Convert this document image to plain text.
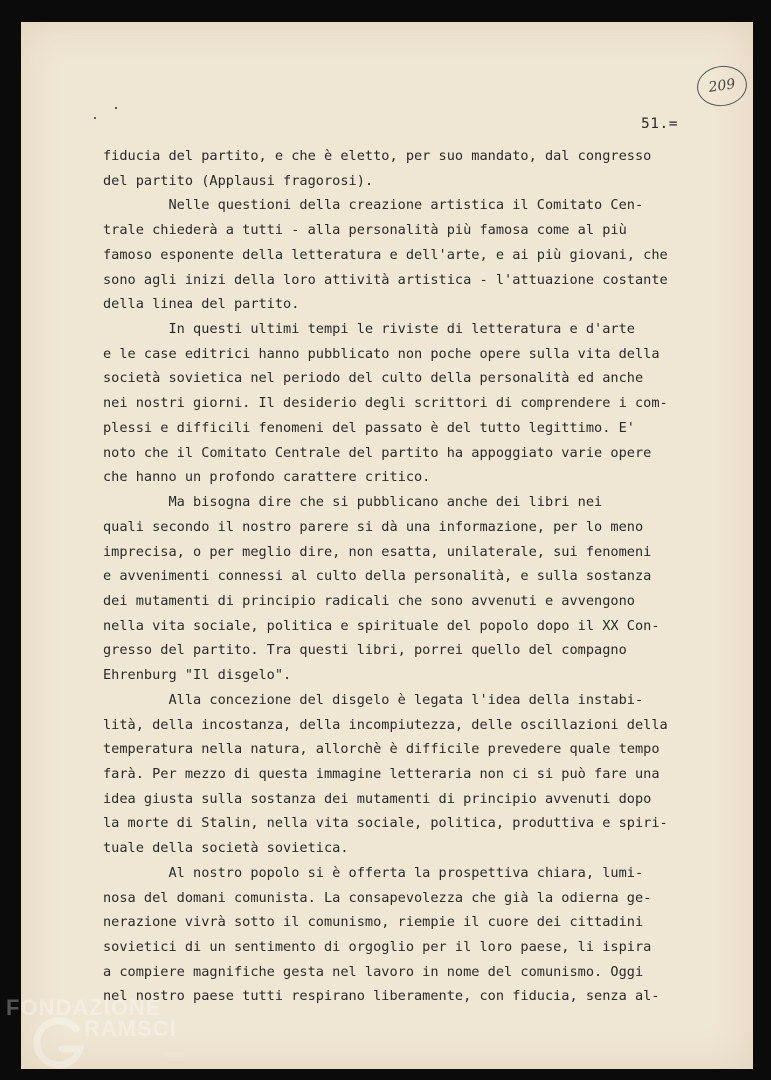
209
51.=
fiducia del partito, e che è eletto, per suo mandato, dal congresso
del partito (Applausi fragorosi).
Nelle questioni della creazione artistica il Comitato Cen-
trale chiederà a tutti - alla personalità più famosa come al più
famoso esponente della letteratura e dell'arte, e ai più giovani, che
sono agli inizi della loro attività artistica - l'attuazione costante
della linea del partito.
In questi ultimi tempi le riviste di letteratura e d'arte
e le case editrici hanno pubblicato non poche opere sulla vita della
società sovietica nel periodo del culto della personalità ed anche
nei nostri giorni. Il desiderio degli scrittori di comprendere i com-
plessi e difficili fenomeni del passato è del tutto legittimo. E'
noto che il Comitato Centrale del partito ha appoggiato varie opere
che hanno un profondo carattere critico.
Ma bisogna dire che si pubblicano anche dei libri nei
quali secondo il nostro parere si dà una informazione, per lo meno
imprecisa, o per meglio dire, non esatta, unilaterale, sui fenomeni
e avvenimenti connessi al culto della personalità, e sulla sostanza
dei mutamenti di principio radicali che sono avvenuti e avvengono
nella vita sociale, politica e spirituale del popolo dopo il XX Con-
gresso del partito. Tra questi libri, porrei quello del compagno
Ehrenburg "Il disgelo".
Alla concezione del disgelo è legata l'idea della instabi-
lità, della incostanza, della incompiutezza, delle oscillazioni della
temperatura nella natura, allorchè è difficile prevedere quale tempo
farà. Per mezzo di questa immagine letteraria non ci si può fare una
idea giusta sulla sostanza dei mutamenti di principio avvenuti dopo
la morte di Stalin, nella vita sociale, politica, produttiva e spiri-
tuale della società sovietica.
Al nostro popolo si è offerta la prospettiva chiara, lumi-
nosa del domani comunista. La consapevolezza che già la odierna ge-
nerazione vivrà sotto il comunismo, riempie il cuore dei cittadini
sovietici di un sentimento di orgoglio per il loro paese, li ispira
a compiere magnifiche gesta nel lavoro in nome del comunismo. Oggi
nel nostro paese tutti respirano liberamente, con fiducia, senza al-
FONDAZIONE
RAMSCI
onlus
